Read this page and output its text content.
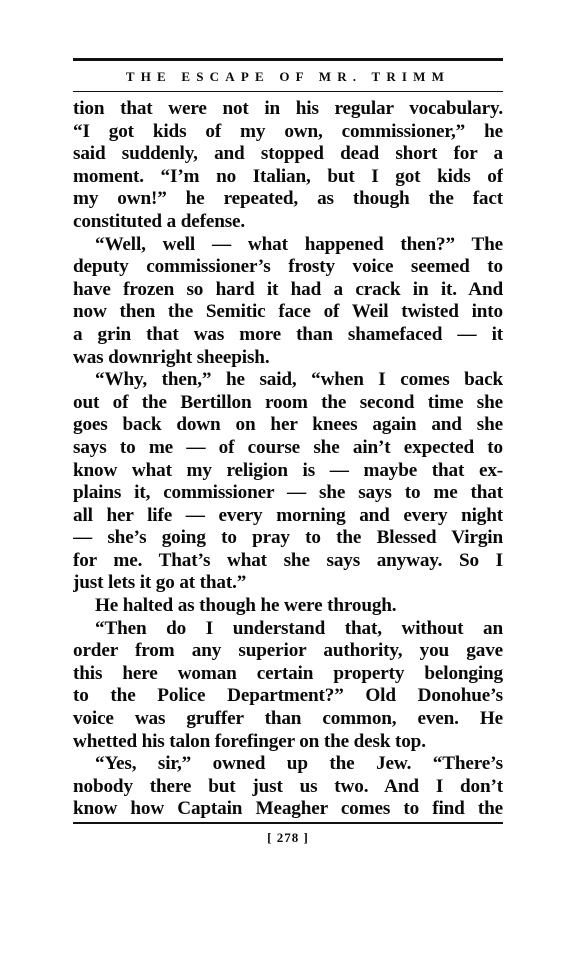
THE ESCAPE OF MR. TRIMM
tion that were not in his regular vocabulary.
“I got kids of my own, commissioner,” he
said suddenly, and stopped dead short for a
moment. “I’m no Italian, but I got kids of
my own!” he repeated, as though the fact
constituted a defense.
“Well, well — what happened then?” The
deputy commissioner’s frosty voice seemed to
have frozen so hard it had a crack in it. And
now then the Semitic face of Weil twisted into
a grin that was more than shamefaced — it
was downright sheepish.
“Why, then,” he said, “when I comes back
out of the Bertillon room the second time she
goes back down on her knees again and she
says to me — of course she ain’t expected to
know what my religion is — maybe that ex-
plains it, commissioner — she says to me that
all her life — every morning and every night
— she’s going to pray to the Blessed Virgin
for me. That’s what she says anyway. So I
just lets it go at that.”
He halted as though he were through.
“Then do I understand that, without an
order from any superior authority, you gave
this here woman certain property belonging
to the Police Department?” Old Donohue’s
voice was gruffer than common, even. He
whetted his talon forefinger on the desk top.
“Yes, sir,” owned up the Jew. “There’s
nobody there but just us two. And I don’t
know how Captain Meagher comes to find the
[ 278 ]
